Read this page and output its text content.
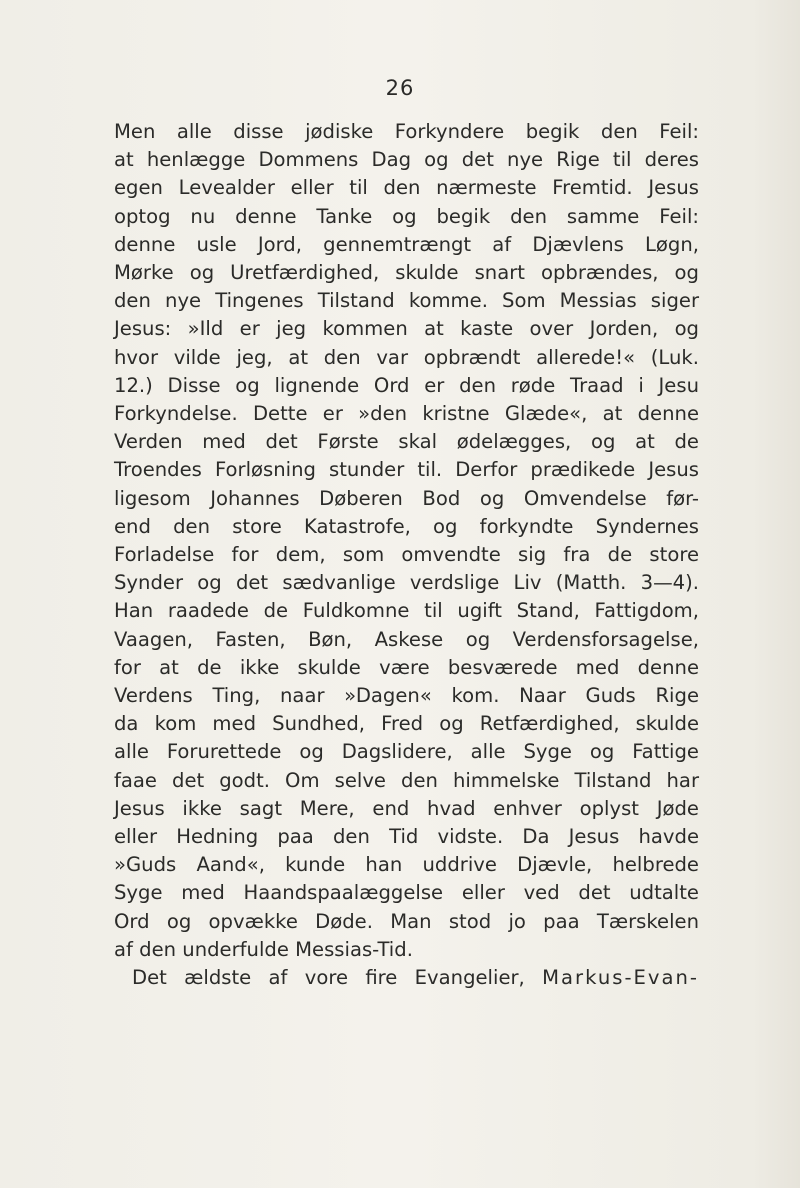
26
Men alle disse jødiske Forkyndere begik den Feil:
at henlægge Dommens Dag og det nye Rige til deres
egen Levealder eller til den nærmeste Fremtid. Jesus
optog nu denne Tanke og begik den samme Feil:
denne usle Jord, gennemtrængt af Djævlens Løgn,
Mørke og Uretfærdighed, skulde snart opbrændes, og
den nye Tingenes Tilstand komme. Som Messias siger
Jesus: »Ild er jeg kommen at kaste over Jorden, og
hvor vilde jeg, at den var opbrændt allerede!« (Luk.
12.) Disse og lignende Ord er den røde Traad i Jesu
Forkyndelse. Dette er »den kristne Glæde«, at denne
Verden med det Første skal ødelægges, og at de
Troendes Forløsning stunder til. Derfor prædikede Jesus
ligesom Johannes Døberen Bod og Omvendelse før-
end den store Katastrofe, og forkyndte Syndernes
Forladelse for dem, som omvendte sig fra de store
Synder og det sædvanlige verdslige Liv (Matth. 3—4).
Han raadede de Fuldkomne til ugift Stand, Fattigdom,
Vaagen, Fasten, Bøn, Askese og Verdensforsagelse,
for at de ikke skulde være besværede med denne
Verdens Ting, naar »Dagen« kom. Naar Guds Rige
da kom med Sundhed, Fred og Retfærdighed, skulde
alle Forurettede og Dagslidere, alle Syge og Fattige
faae det godt. Om selve den himmelske Tilstand har
Jesus ikke sagt Mere, end hvad enhver oplyst Jøde
eller Hedning paa den Tid vidste. Da Jesus havde
»Guds Aand«, kunde han uddrive Djævle, helbrede
Syge med Haandspaalæggelse eller ved det udtalte
Ord og opvække Døde. Man stod jo paa Tærskelen
af den underfulde Messias-Tid.
Det ældste af vore fire Evangelier, Markus-Evan-
